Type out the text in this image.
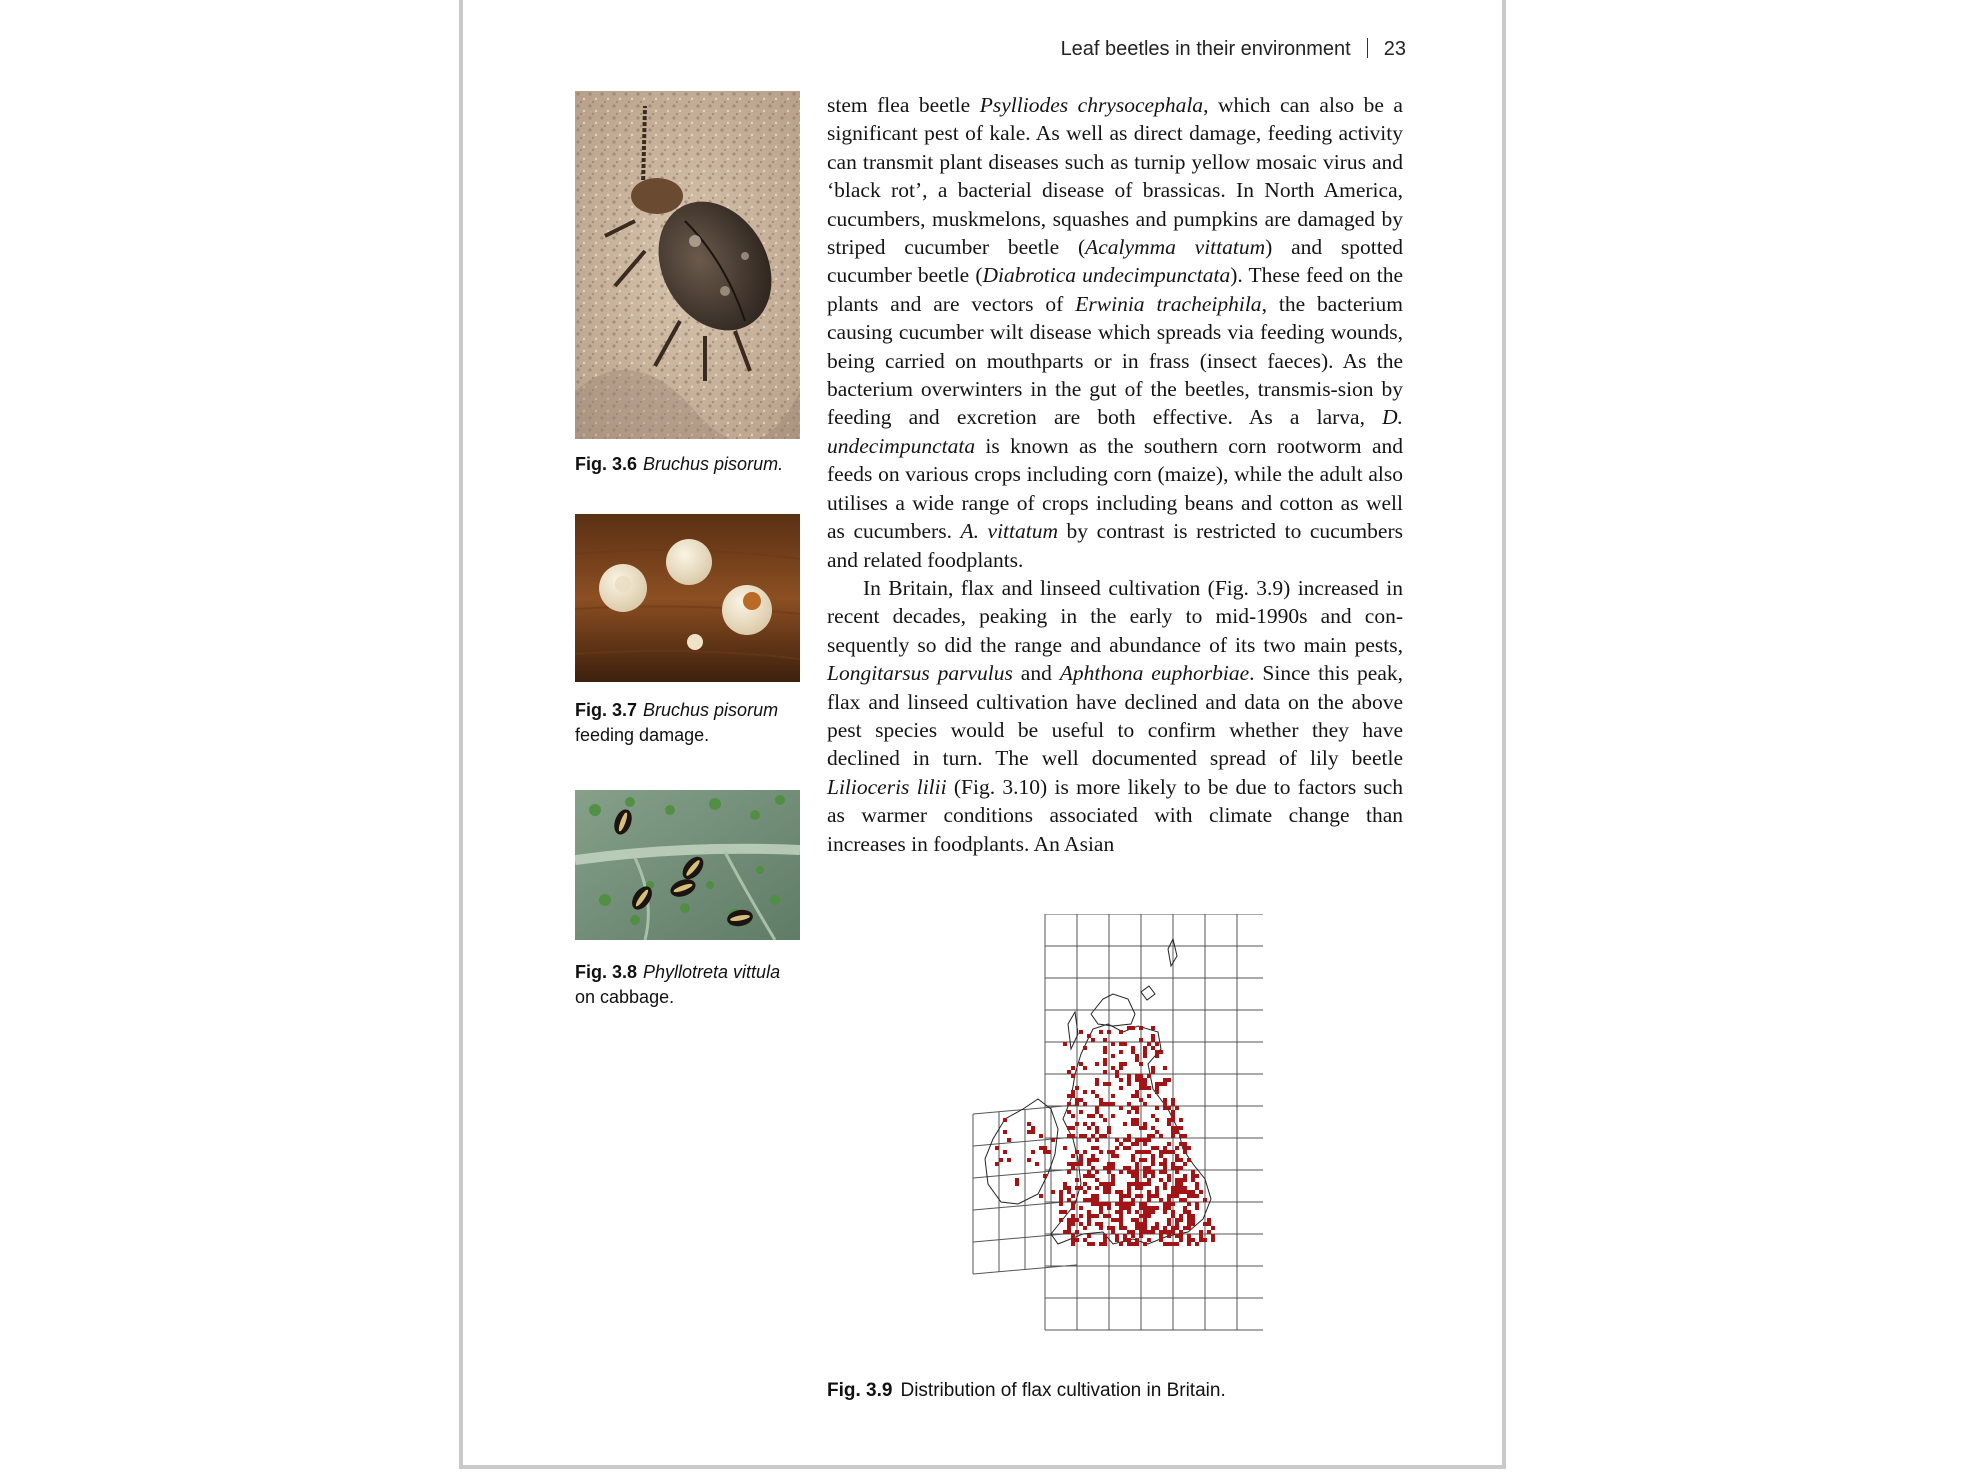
Leaf beetles in their environment 23
Fig. 3.6 Bruchus pisorum.
Fig. 3.7 Bruchus pisorum
feeding damage.
Fig. 3.8 Phyllotreta vittula
on cabbage.

stem flea beetle Psylliodes chrysocephala, which can also be a significant pest of kale. As well as direct damage, feeding activity can transmit plant diseases such as turnip yellow mosaic virus and ‘black rot’, a bacterial disease of brassicas. In North America, cucumbers, muskmelons, squashes and pumpkins are damaged by striped cucumber beetle (Acalymma vittatum) and spotted cucumber beetle (Diabrotica undecimpunctata). These feed on the plants and are vectors of Erwinia tracheiphila, the bacterium causing cucumber wilt disease which spreads via feeding wounds, being carried on mouthparts or in frass (insect faeces). As the bacterium overwinters in the gut of the beetles, transmis-sion by feeding and excretion are both effective. As a larva, D. undecimpunctata is known as the southern corn rootworm and feeds on various crops including corn (maize), while the adult also utilises a wide range of crops including beans and cotton as well as cucumbers. A. vittatum by contrast is restricted to cucumbers and related foodplants.

In Britain, flax and linseed cultivation (Fig. 3.9) increased in recent decades, peaking in the early to mid-1990s and con-sequently so did the range and abundance of its two main pests, Longitarsus parvulus and Aphthona euphorbiae. Since this peak, flax and linseed cultivation have declined and data on the above pest species would be useful to confirm whether they have declined in turn. The well documented spread of lily beetle Lilioceris lilii (Fig. 3.10) is more likely to be due to factors such as warmer conditions associated with climate change than increases in foodplants. An Asian

Fig. 3.9 Distribution of flax cultivation in Britain.
